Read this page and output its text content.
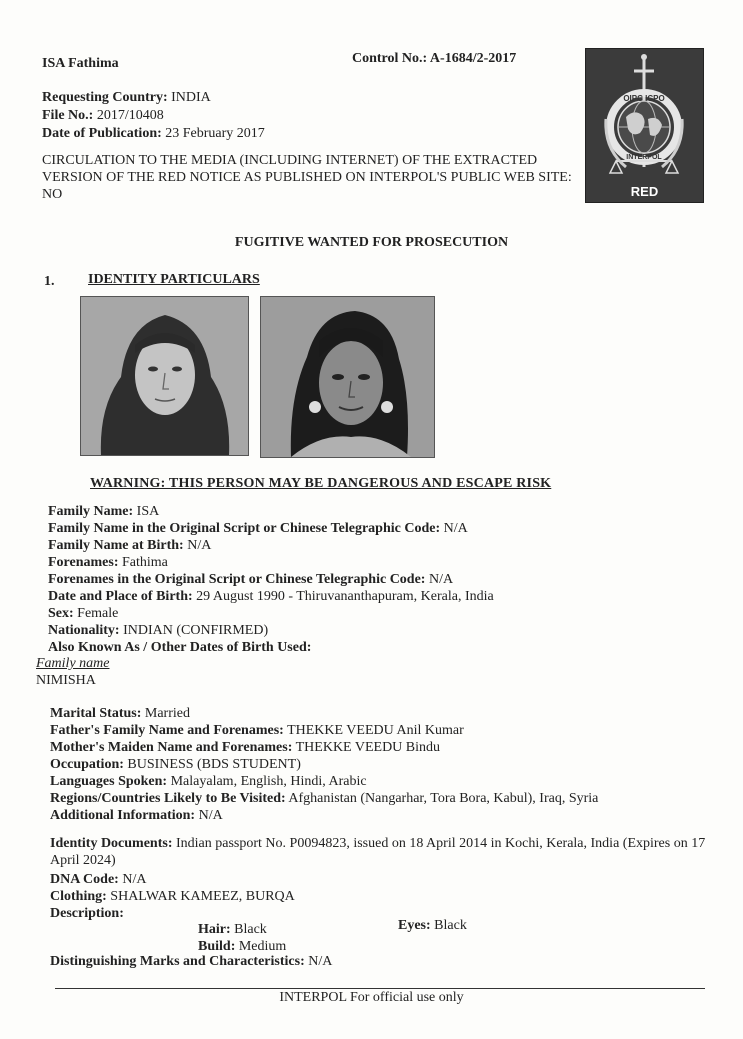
ISA Fathima	Control No.: A-1684/2-2017
Requesting Country: INDIA
File No.: 2017/10408
Date of Publication: 23 February 2017
CIRCULATION TO THE MEDIA (INCLUDING INTERNET) OF THE EXTRACTED VERSION OF THE RED NOTICE AS PUBLISHED ON INTERPOL'S PUBLIC WEB SITE: NO
OIPC ICPO
INTERPOL
RED
FUGITIVE WANTED FOR PROSECUTION
1. IDENTITY PARTICULARS
WARNING: THIS PERSON MAY BE DANGEROUS AND ESCAPE RISK
Family Name: ISA
Family Name in the Original Script or Chinese Telegraphic Code: N/A
Family Name at Birth: N/A
Forenames: Fathima
Forenames in the Original Script or Chinese Telegraphic Code: N/A
Date and Place of Birth: 29 August 1990 - Thiruvananthapuram, Kerala, India
Sex: Female
Nationality: INDIAN (CONFIRMED)
Also Known As / Other Dates of Birth Used:
Family name
NIMISHA
Marital Status: Married
Father's Family Name and Forenames: THEKKE VEEDU Anil Kumar
Mother's Maiden Name and Forenames: THEKKE VEEDU Bindu
Occupation: BUSINESS (BDS STUDENT)
Languages Spoken: Malayalam, English, Hindi, Arabic
Regions/Countries Likely to Be Visited: Afghanistan (Nangarhar, Tora Bora, Kabul), Iraq, Syria
Additional Information: N/A
Identity Documents: Indian passport No. P0094823, issued on 18 April 2014 in Kochi, Kerala, India (Expires on 17 April 2024)
DNA Code: N/A
Clothing: SHALWAR KAMEEZ, BURQA
Description:
Hair: Black
Build: Medium
Eyes: Black
Distinguishing Marks and Characteristics: N/A
INTERPOL For official use only
